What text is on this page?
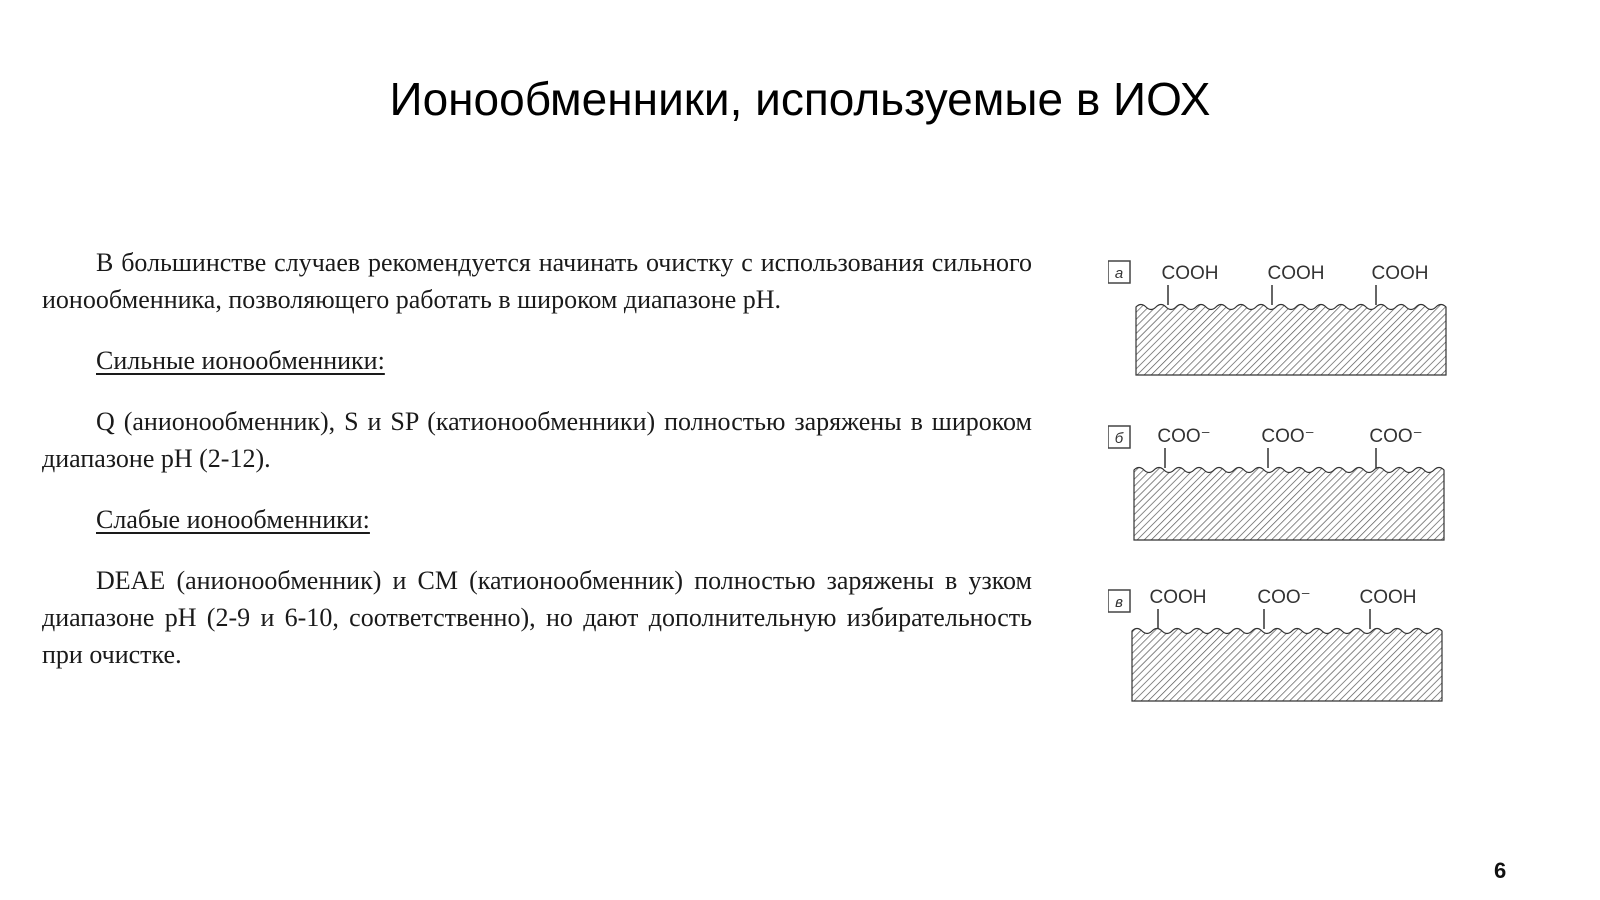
Ионообменники, используемые в ИОХ

В большинстве случаев рекомендуется начинать очистку с использования сильного ионообменника, позволяющего работать в широком диапазоне pH.

Сильные ионообменники:

Q (анионообменник), S и SP (катионообменники) полностью заряжены в широком диапазоне pH (2-12).

Слабые ионообменники:

DEAE (анионообменник) и CM (катионообменник) полностью заряжены в узком диапазоне pH (2-9 и 6-10, соответственно), но дают дополнительную избирательность при очистке.

а COOH	COOH COOH
б COO⁻	COO⁻	COO⁻
в COOH	COO⁻	COOH
6
